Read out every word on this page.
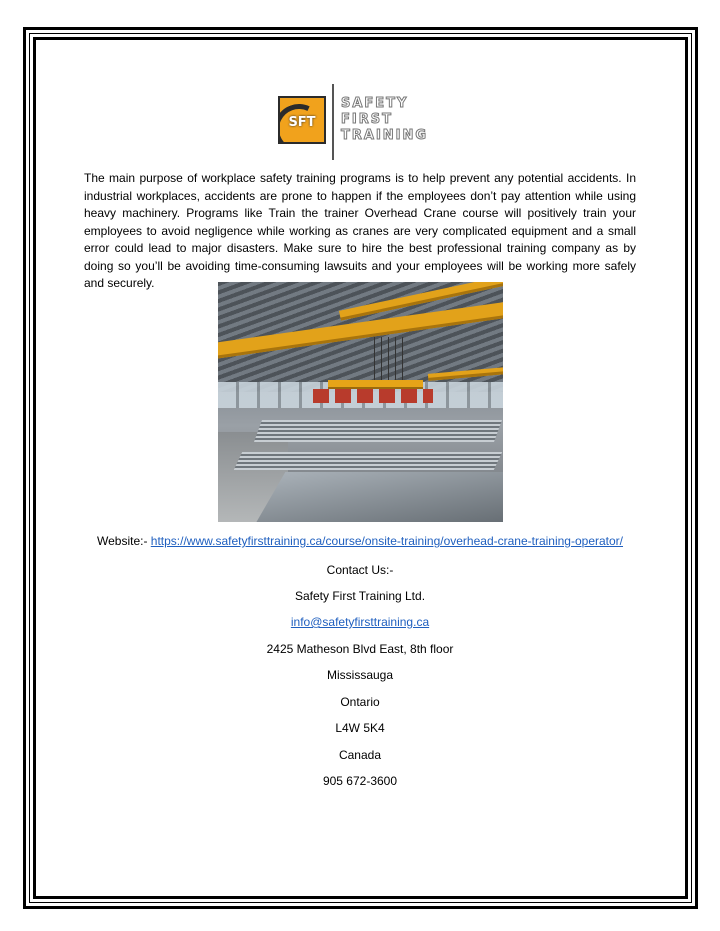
SFT
SAFETY
FIRST
TRAINING

The main purpose of workplace safety training programs is to help prevent any potential accidents. In industrial workplaces, accidents are prone to happen if the employees don’t pay attention while using heavy machinery. Programs like Train the trainer Overhead Crane course will positively train your employees to avoid negligence while working as cranes are very complicated equipment and a small error could lead to major disasters. Make sure to hire the best professional training company as by doing so you’ll be avoiding time-consuming lawsuits and your employees will be working more safely and securely.

Website:- https://www.safetyfirsttraining.ca/course/onsite-training/overhead-crane-training-operator/
Contact Us:-
Safety First Training Ltd.
info@safetyfirsttraining.ca
2425 Matheson Blvd East, 8th floor
Mississauga
Ontario
L4W 5K4
Canada
905 672-3600
